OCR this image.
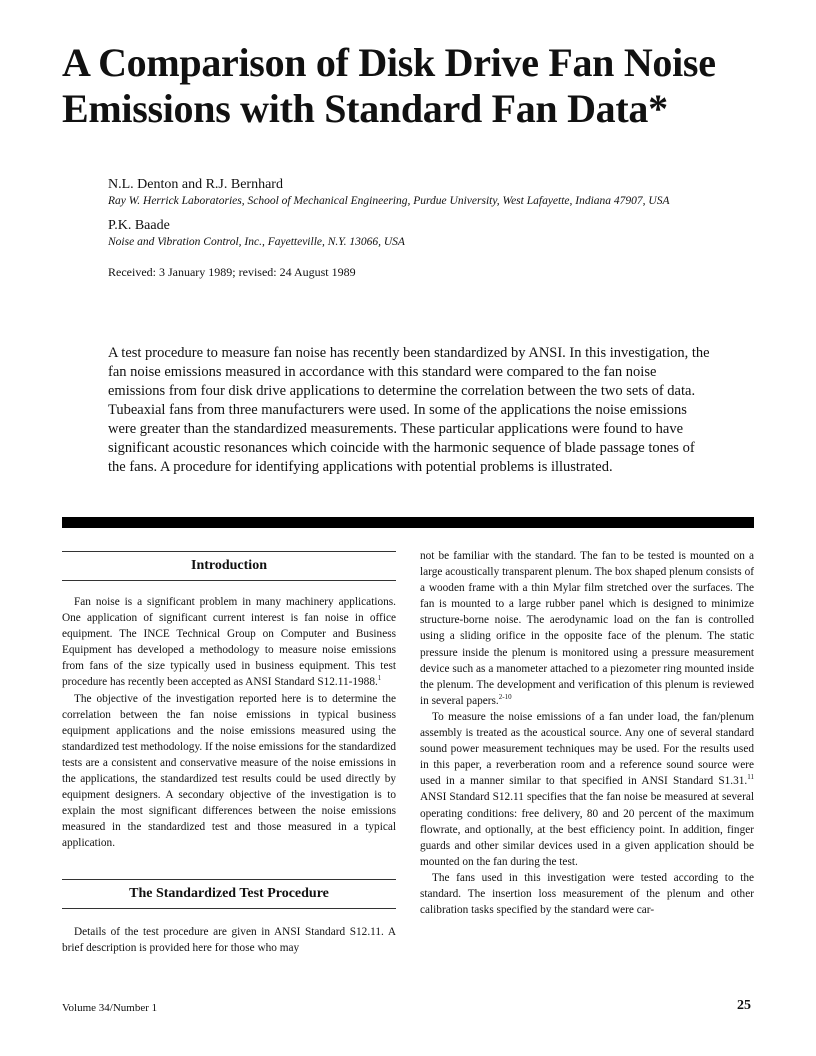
A Comparison of Disk Drive Fan Noise Emissions with Standard Fan Data*
N.L. Denton and R.J. Bernhard
Ray W. Herrick Laboratories, School of Mechanical Engineering, Purdue University, West Lafayette, Indiana 47907, USA
P.K. Baade
Noise and Vibration Control, Inc., Fayetteville, N.Y. 13066, USA
Received: 3 January 1989; revised: 24 August 1989

A test procedure to measure fan noise has recently been standardized by ANSI. In this investigation, the fan noise emissions measured in accordance with this standard were compared to the fan noise emissions from four disk drive applications to determine the correlation between the two sets of data. Tubeaxial fans from three manufacturers were used. In some of the applications the noise emissions were greater than the standardized measurements. These particular applications were found to have significant acoustic resonances which coincide with the harmonic sequence of blade passage tones of the fans. A procedure for identifying applications with potential problems is illustrated.

Introduction

Fan noise is a significant problem in many machinery applications. One application of significant current interest is fan noise in office equipment. The INCE Technical Group on Computer and Business Equipment has developed a methodology to measure noise emissions from fans of the size typically used in business equipment. This test procedure has recently been accepted as ANSI Standard S12.11-1988.$^1$

The objective of the investigation reported here is to determine the correlation between the fan noise emissions in typical business equipment applications and the noise emissions measured using the standardized test methodology. If the noise emissions for the standardized tests are a consistent and conservative measure of the noise emissions in the applications, the standardized test results could be used directly by equipment designers. A secondary objective of the investigation is to explain the most significant differences between the noise emissions measured in the standardized test and those measured in a typical application.

The Standardized Test Procedure

Details of the test procedure are given in ANSI Standard S12.11. A brief description is provided here for those who may

not be familiar with the standard. The fan to be tested is mounted on a large acoustically transparent plenum. The box shaped plenum consists of a wooden frame with a thin Mylar film stretched over the surfaces. The fan is mounted to a large rubber panel which is designed to minimize structure-borne noise. The aerodynamic load on the fan is controlled using a sliding orifice in the opposite face of the plenum. The static pressure inside the plenum is monitored using a pressure measurement device such as a manometer attached to a piezometer ring mounted inside the plenum. The development and verification of this plenum is reviewed in several papers.$^{2-10}$

To measure the noise emissions of a fan under load, the fan/plenum assembly is treated as the acoustical source. Any one of several standard sound power measurement techniques may be used. For the results used in this paper, a reverberation room and a reference sound source were used in a manner similar to that specified in ANSI Standard S1.31.11 ANSI Standard S12.11 specifies that the fan noise be measured at several operating conditions: free delivery, 80 and 20 percent of the maximum flowrate, and optionally, at the best efficiency point. In addition, finger guards and other similar devices used in a given application should be mounted on the fan during the test.

The fans used in this investigation were tested according to the standard. The insertion loss measurement of the plenum and other calibration tasks specified by the standard were car-

Volume 34/Number 1	25
